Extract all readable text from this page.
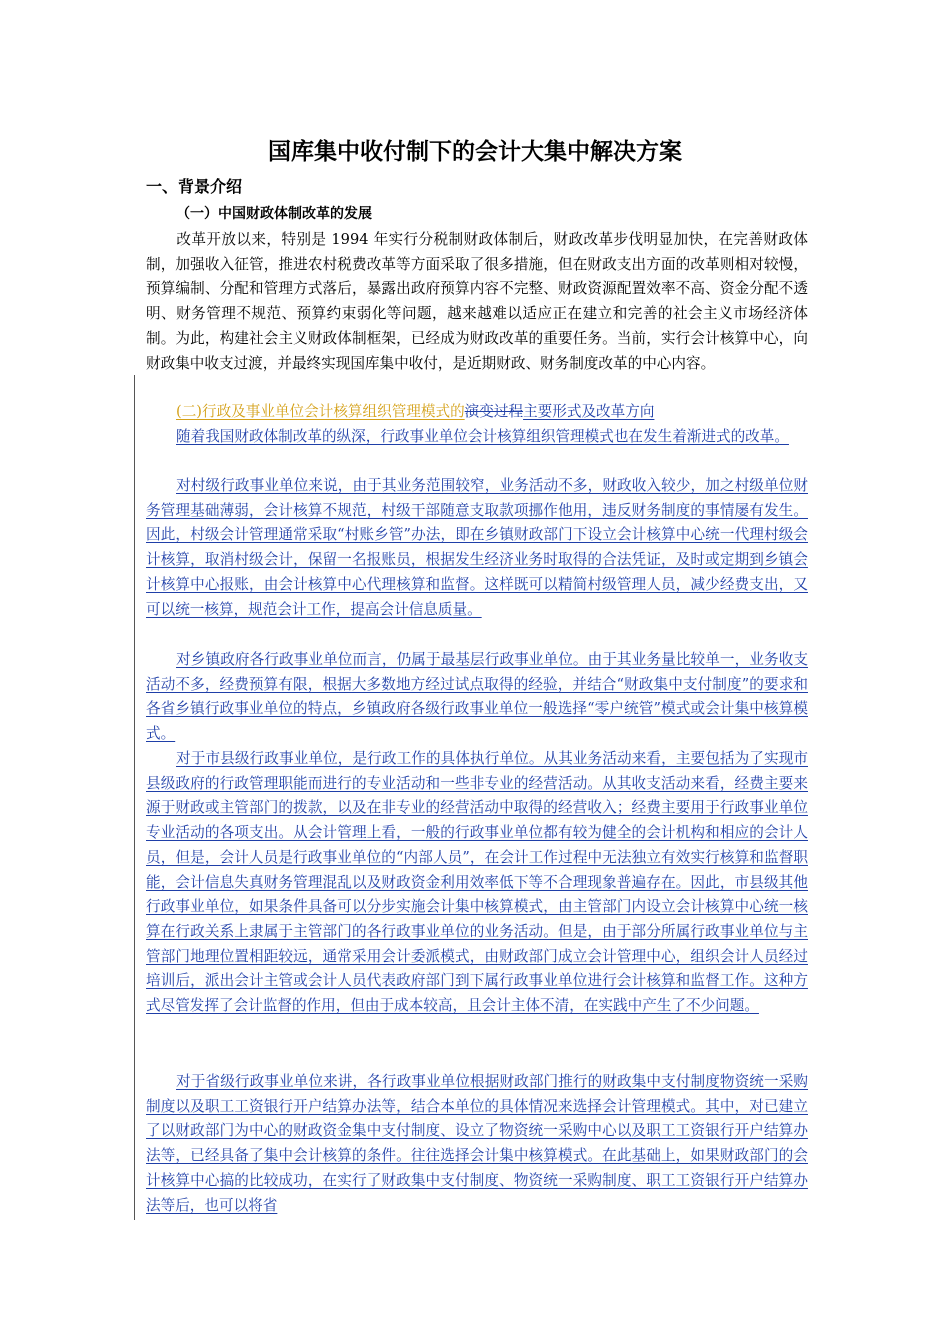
国库集中收付制下的会计大集中解决方案
一、背景介绍
（一）中国财政体制改革的发展

改革开放以来，特别是 1994 年实行分税制财政体制后，财政改革步伐明显加快，在完善财政体制，加强收入征管，推进农村税费改革等方面采取了很多措施，但在财政支出方面的改革则相对较慢，预算编制、分配和管理方式落后，暴露出政府预算内容不完整、财政资源配置效率不高、资金分配不透明、财务管理不规范、预算约束弱化等问题，越来越难以适应正在建立和完善的社会主义市场经济体制。为此，构建社会主义财政体制框架，已经成为财政改革的重要任务。当前，实行会计核算中心，向财政集中收支过渡，并最终实现国库集中收付，是近期财政、财务制度改革的中心内容。

(二)行政及事业单位会计核算组织管理模式的演变过程主要形式及改革方向

随着我国财政体制改革的纵深，行政事业单位会计核算组织管理模式也在发生着渐进式的改革。

对村级行政事业单位来说，由于其业务范围较窄，业务活动不多，财政收入较少，加之村级单位财务管理基础薄弱，会计核算不规范，村级干部随意支取款项挪作他用，违反财务制度的事情屡有发生。因此，村级会计管理通常采取“村账乡管”办法，即在乡镇财政部门下设立会计核算中心统一代理村级会计核算，取消村级会计，保留一名报账员，根据发生经济业务时取得的合法凭证，及时或定期到乡镇会计核算中心报账，由会计核算中心代理核算和监督。这样既可以精简村级管理人员，减少经费支出，又可以统一核算，规范会计工作，提高会计信息质量。

对乡镇政府各行政事业单位而言，仍属于最基层行政事业单位。由于其业务量比较单一，业务收支活动不多，经费预算有限，根据大多数地方经过试点取得的经验，并结合“财政集中支付制度”的要求和各省乡镇行政事业单位的特点，乡镇政府各级行政事业单位一般选择“零户统管”模式或会计集中核算模式。

对于市县级行政事业单位，是行政工作的具体执行单位。从其业务活动来看，主要包括为了实现市县级政府的行政管理职能而进行的专业活动和一些非专业的经营活动。从其收支活动来看，经费主要来源于财政或主管部门的拨款，以及在非专业的经营活动中取得的经营收入；经费主要用于行政事业单位专业活动的各项支出。从会计管理上看，一般的行政事业单位都有较为健全的会计机构和相应的会计人员，但是，会计人员是行政事业单位的“内部人员”，在会计工作过程中无法独立有效实行核算和监督职能，会计信息失真财务管理混乱以及财政资金利用效率低下等不合理现象普遍存在。因此，市县级其他行政事业单位，如果条件具备可以分步实施会计集中核算模式，由主管部门内设立会计核算中心统一核算在行政关系上隶属于主管部门的各行政事业单位的业务活动。但是，由于部分所属行政事业单位与主管部门地理位置相距较远，通常采用会计委派模式，由财政部门成立会计管理中心，组织会计人员经过培训后，派出会计主管或会计人员代表政府部门到下属行政事业单位进行会计核算和监督工作。这种方式尽管发挥了会计监督的作用，但由于成本较高，且会计主体不清，在实践中产生了不少问题。

对于省级行政事业单位来讲，各行政事业单位根据财政部门推行的财政集中支付制度物资统一采购制度以及职工工资银行开户结算办法等，结合本单位的具体情况来选择会计管理模式。其中，对已建立了以财政部门为中心的财政资金集中支付制度、设立了物资统一采购中心以及职工工资银行开户结算办法等，已经具备了集中会计核算的条件。往往选择会计集中核算模式。在此基础上，如果财政部门的会计核算中心搞的比较成功，在实行了财政集中支付制度、物资统一采购制度、职工工资银行开户结算办法等后，也可以将省
